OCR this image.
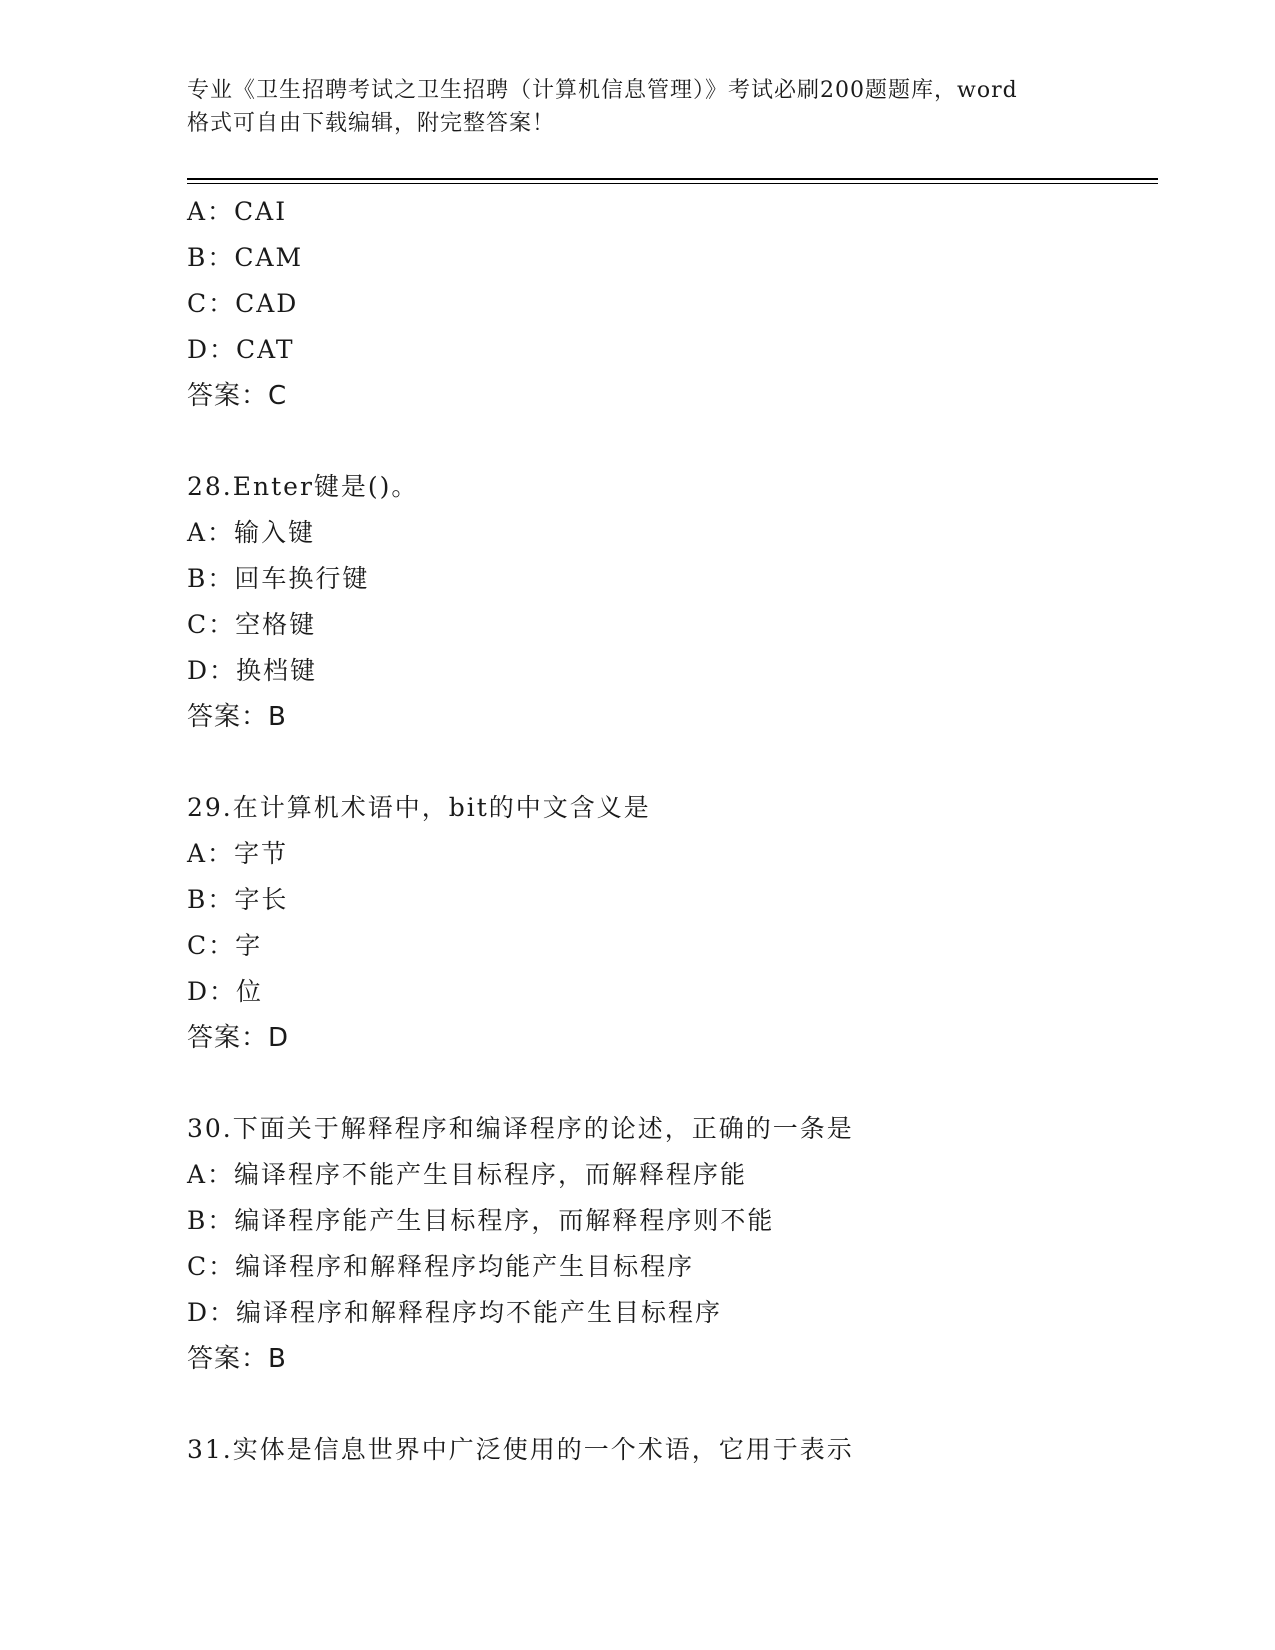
专业《卫生招聘考试之卫生招聘（计算机信息管理）》考试必刷200题题库，word
格式可自由下载编辑，附完整答案！
A：CAI
B：CAM
C：CAD
D：CAT
答案：C
28.Enter键是()。
A：输入键
B：回车换行键
C：空格键
D：换档键
答案：B
29.在计算机术语中，bit的中文含义是
A：字节
B：字长
C：字
D：位
答案：D
30.下面关于解释程序和编译程序的论述，正确的一条是
A：编译程序不能产生目标程序，而解释程序能
B：编译程序能产生目标程序，而解释程序则不能
C：编译程序和解释程序均能产生目标程序
D：编译程序和解释程序均不能产生目标程序
答案：B
31.实体是信息世界中广泛使用的一个术语，它用于表示
